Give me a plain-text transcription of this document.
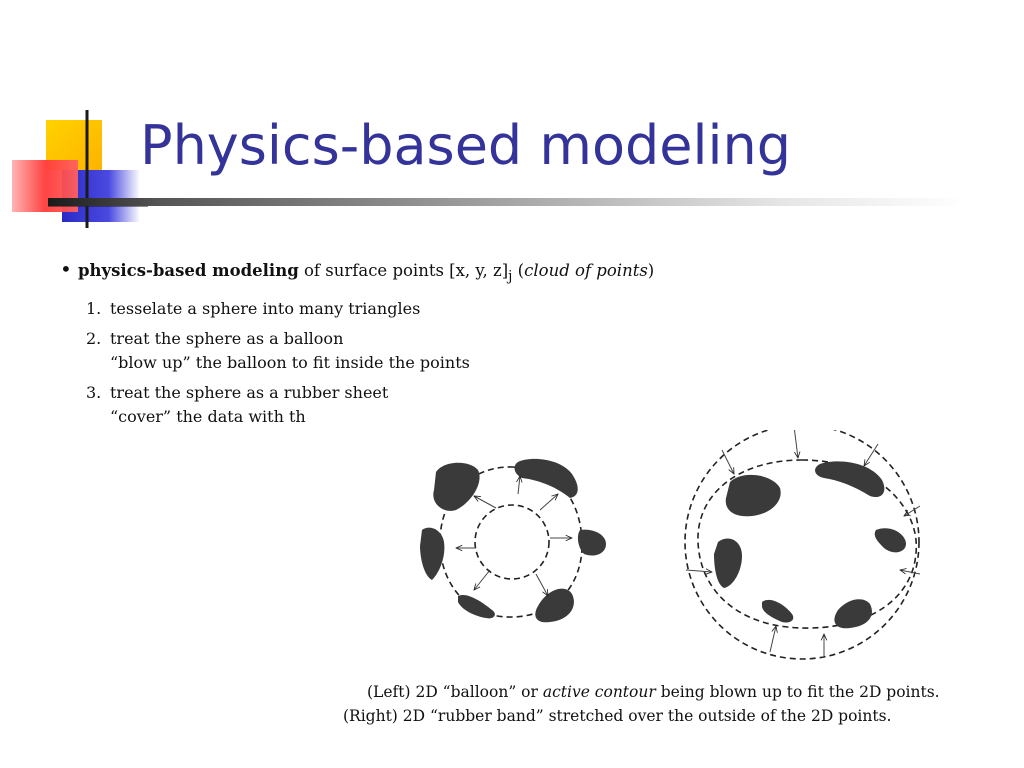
Physics-based modeling
• physics-based modeling of surface points [x, y, $z]_j$ (cloud of points)
1. tesselate a sphere into many triangles
2. treat the sphere as a balloon
“blow up” the balloon to fit inside the points
3. treat the sphere as a rubber sheet
“cover” the data with th
(Left) 2D “balloon” or active contour being blown up to fit the 2D points.
(Right) 2D “rubber band” stretched over the outside of the 2D points.
